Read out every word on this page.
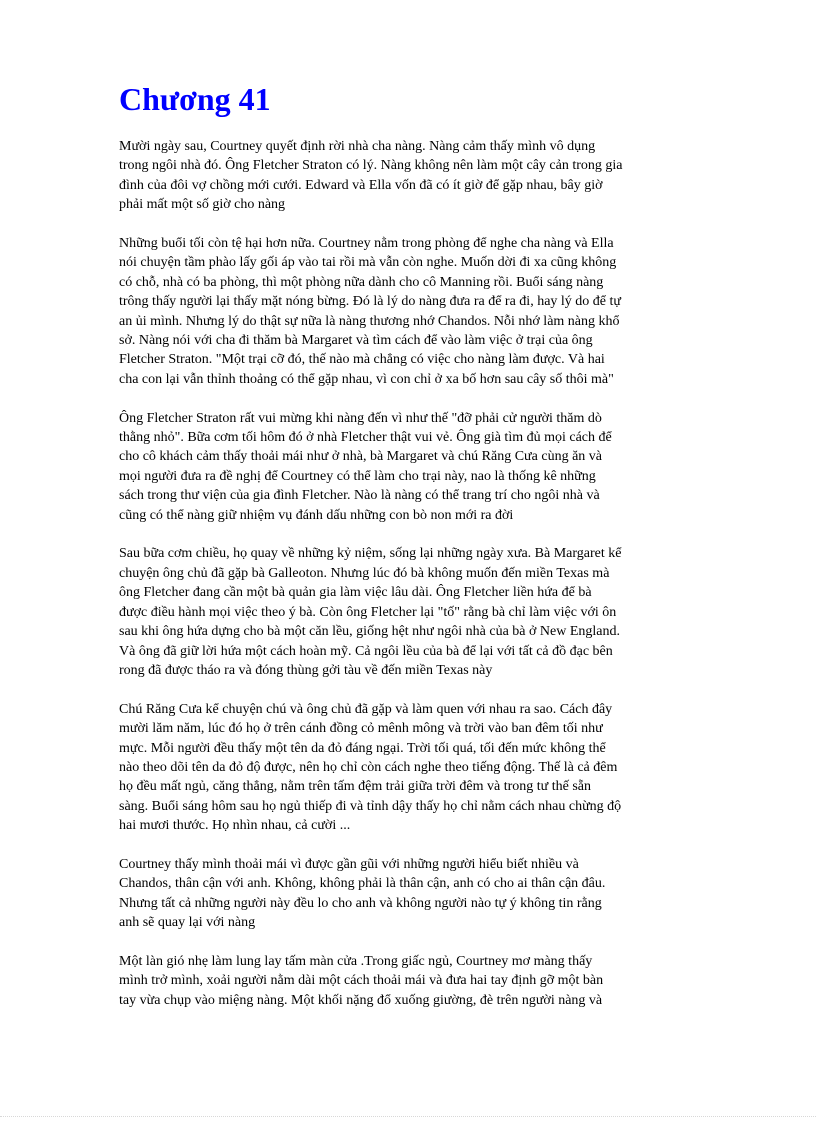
Chương 41

Mười ngày sau, Courtney quyết định rời nhà cha nàng. Nàng cảm thấy mình vô dụng
trong ngôi nhà đó. Ông Fletcher Straton có lý. Nàng không nên làm một cây cản trong gia
đình của đôi vợ chồng mới cưới. Edward và Ella vốn đã có ít giờ để gặp nhau, bây giờ
phải mất một số giờ cho nàng

Những buổi tối còn tệ hại hơn nữa. Courtney nằm trong phòng để nghe cha nàng và Ella
nói chuyện tầm phào lấy gối áp vào tai rồi mà vẫn còn nghe. Muốn dời đi xa cũng không
có chỗ, nhà có ba phòng, thì một phòng nữa dành cho cô Manning rồi. Buổi sáng nàng
trông thấy người lại thấy mặt nóng bừng. Đó là lý do nàng đưa ra để ra đi, hay lý do để tự
an ủi mình. Nhưng lý do thật sự nữa là nàng thương nhớ Chandos. Nỗi nhớ làm nàng khổ
sở. Nàng nói với cha đi thăm bà Margaret và tìm cách để vào làm việc ở trại của ông
Fletcher Straton. "Một trại cỡ đó, thế nào mà chẳng có việc cho nàng làm được. Và hai
cha con lại vẫn thỉnh thoảng có thể gặp nhau, vì con chỉ ở xa bố hơn sau cây số thôi mà"

Ông Fletcher Straton rất vui mừng khi nàng đến vì như thế "đỡ phải cử người thăm dò
thằng nhỏ". Bữa cơm tối hôm đó ở nhà Fletcher thật vui vẻ. Ông già tìm đủ mọi cách để
cho cô khách cảm thấy thoải mái như ở nhà, bà Margaret và chú Răng Cưa cùng ăn và
mọi người đưa ra đề nghị để Courtney có thể làm cho trại này, nao là thống kê những
sách trong thư viện của gia đình Fletcher. Nào là nàng có thể trang trí cho ngôi nhà và
cũng có thể nàng giữ nhiệm vụ đánh dấu những con bò non mới ra đời

Sau bữa cơm chiều, họ quay về những kỷ niệm, sống lại những ngày xưa. Bà Margaret kể
chuyện ông chủ đã gặp bà Galleoton. Nhưng lúc đó bà không muốn đến miền Texas mà
ông Fletcher đang cần một bà quản gia làm việc lâu dài. Ông Fletcher liền hứa để bà
được điều hành mọi việc theo ý bà. Còn ông Fletcher lại "tố" rằng bà chỉ làm việc với ôn
sau khi ông hứa dựng cho bà một căn lều, giống hệt như ngôi nhà của bà ở New England.
Và ông đã giữ lời hứa một cách hoàn mỹ. Cả ngôi lều của bà để lại với tất cả đồ đạc bên
rong đã được tháo ra và đóng thùng gởi tàu về đến miền Texas này

Chú Răng Cưa kể chuyện chú và ông chủ đã gặp và làm quen với nhau ra sao. Cách đây
mười lăm năm, lúc đó họ ở trên cánh đồng cỏ mênh mông và trời vào ban đêm tối như
mực. Mỗi người đều thấy một tên da đỏ đáng ngại. Trời tối quá, tối đến mức không thể
nào theo dõi tên da đỏ độ được, nên họ chỉ còn cách nghe theo tiếng động. Thế là cả đêm
họ đều mất ngủ, căng thẳng, nằm trên tấm đệm trải giữa trời đêm và trong tư thế sẵn
sàng. Buổi sáng hôm sau họ ngủ thiếp đi và tỉnh dậy thấy họ chỉ nằm cách nhau chừng độ
hai mươi thước. Họ nhìn nhau, cả cười ...

Courtney thấy mình thoải mái vì được gần gũi với những người hiểu biết nhiều và
Chandos, thân cận với anh. Không, không phải là thân cận, anh có cho ai thân cận đâu.
Nhưng tất cả những người này đều lo cho anh và không người nào tự ý không tin rằng
anh sẽ quay lại với nàng

Một làn gió nhẹ làm lung lay tấm màn cửa .Trong giấc ngủ, Courtney mơ màng thấy
mình trở mình, xoải người nằm dài một cách thoải mái và đưa hai tay định gỡ một bàn
tay vừa chụp vào miệng nàng. Một khối nặng đổ xuống giường, đè trên người nàng và
